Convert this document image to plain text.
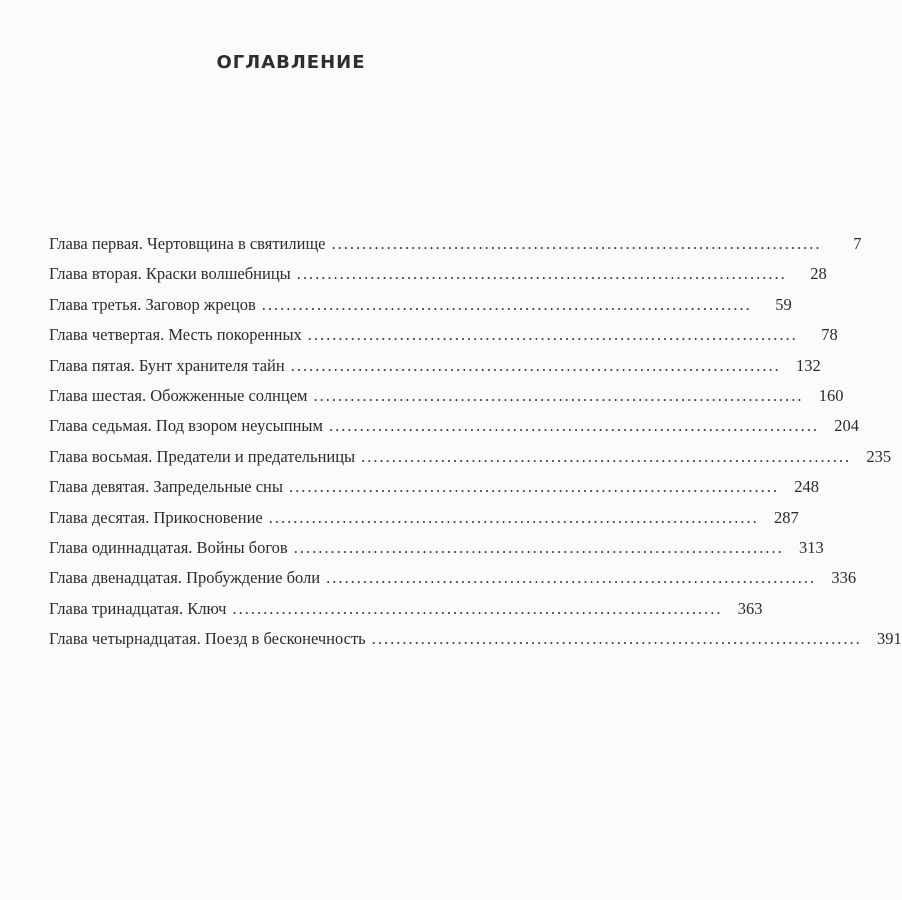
ОГЛАВЛЕНИЕ
Глава первая. Чертовщина в святилище ................................................................................	7
Глава вторая. Краски волшебницы ................................................................................	28
Глава третья. Заговор жрецов ................................................................................	59
Глава четвертая. Месть покоренных ................................................................................	78
Глава пятая. Бунт хранителя тайн ................................................................................ 132
Глава шестая. Обожженные солнцем ................................................................................ 160
Глава седьмая. Под взором неусыпным ................................................................................ 204
Глава восьмая. Предатели и предательницы ................................................................................ 235
Глава девятая. Запредельные сны ................................................................................ 248
Глава десятая. Прикосновение ................................................................................ 287
Глава одиннадцатая. Войны богов ................................................................................ 313
Глава двенадцатая. Пробуждение боли ................................................................................ 336
Глава тринадцатая. Ключ ................................................................................ 363
Глава четырнадцатая. Поезд в бесконечность ................................................................................ 391
